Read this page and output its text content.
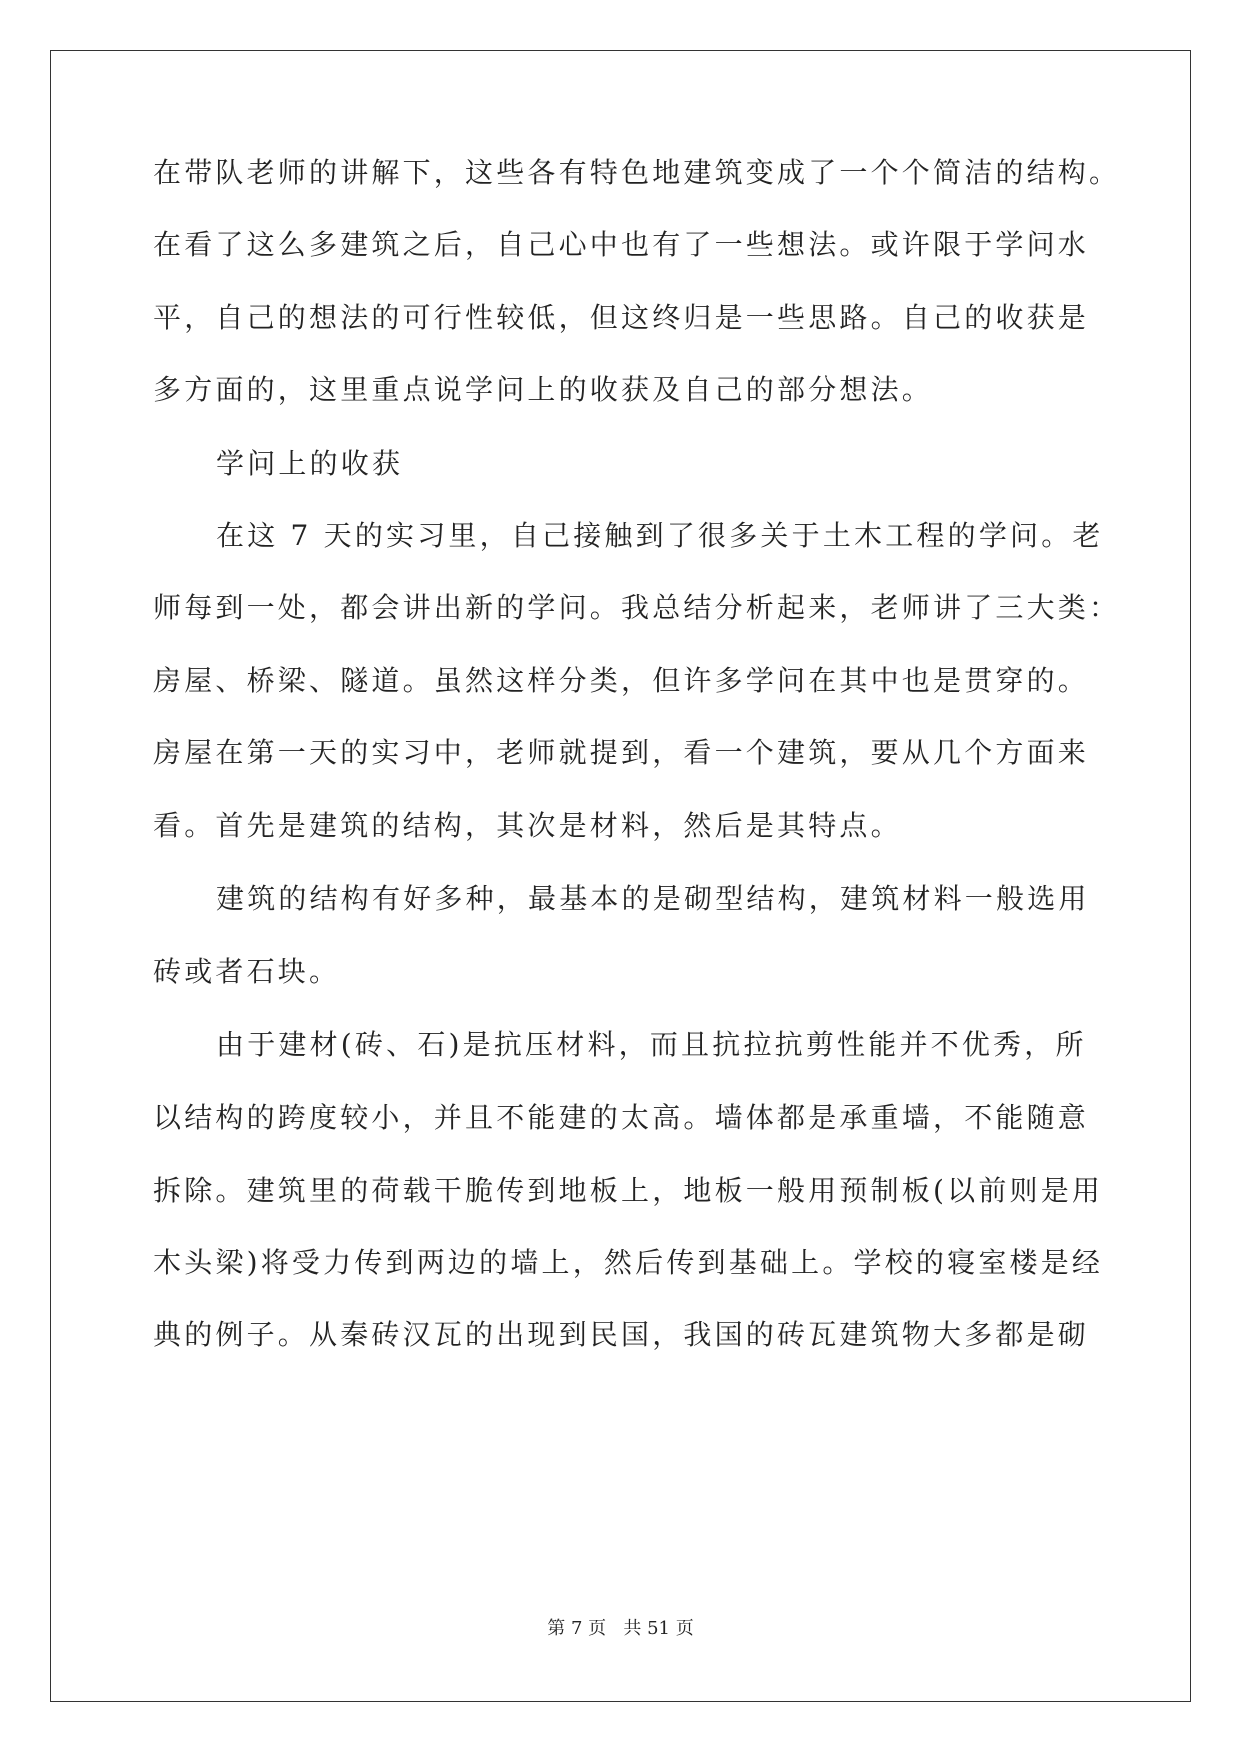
在带队老师的讲解下，这些各有特色地建筑变成了一个个简洁的结构。
在看了这么多建筑之后，自己心中也有了一些想法。或许限于学问水
平，自己的想法的可行性较低，但这终归是一些思路。自己的收获是
多方面的，这里重点说学问上的收获及自己的部分想法。
学问上的收获
在这 7 天的实习里，自己接触到了很多关于土木工程的学问。老
师每到一处，都会讲出新的学问。我总结分析起来，老师讲了三大类：
房屋、桥梁、隧道。虽然这样分类，但许多学问在其中也是贯穿的。
房屋在第一天的实习中，老师就提到，看一个建筑，要从几个方面来
看。首先是建筑的结构，其次是材料，然后是其特点。
建筑的结构有好多种，最基本的是砌型结构，建筑材料一般选用
砖或者石块。
由于建材(砖、石)是抗压材料，而且抗拉抗剪性能并不优秀，所
以结构的跨度较小，并且不能建的太高。墙体都是承重墙，不能随意
拆除。建筑里的荷载干脆传到地板上，地板一般用预制板(以前则是用
木头梁)将受力传到两边的墙上，然后传到基础上。学校的寝室楼是经
典的例子。从秦砖汉瓦的出现到民国，我国的砖瓦建筑物大多都是砌
第 7 页   共 51 页
